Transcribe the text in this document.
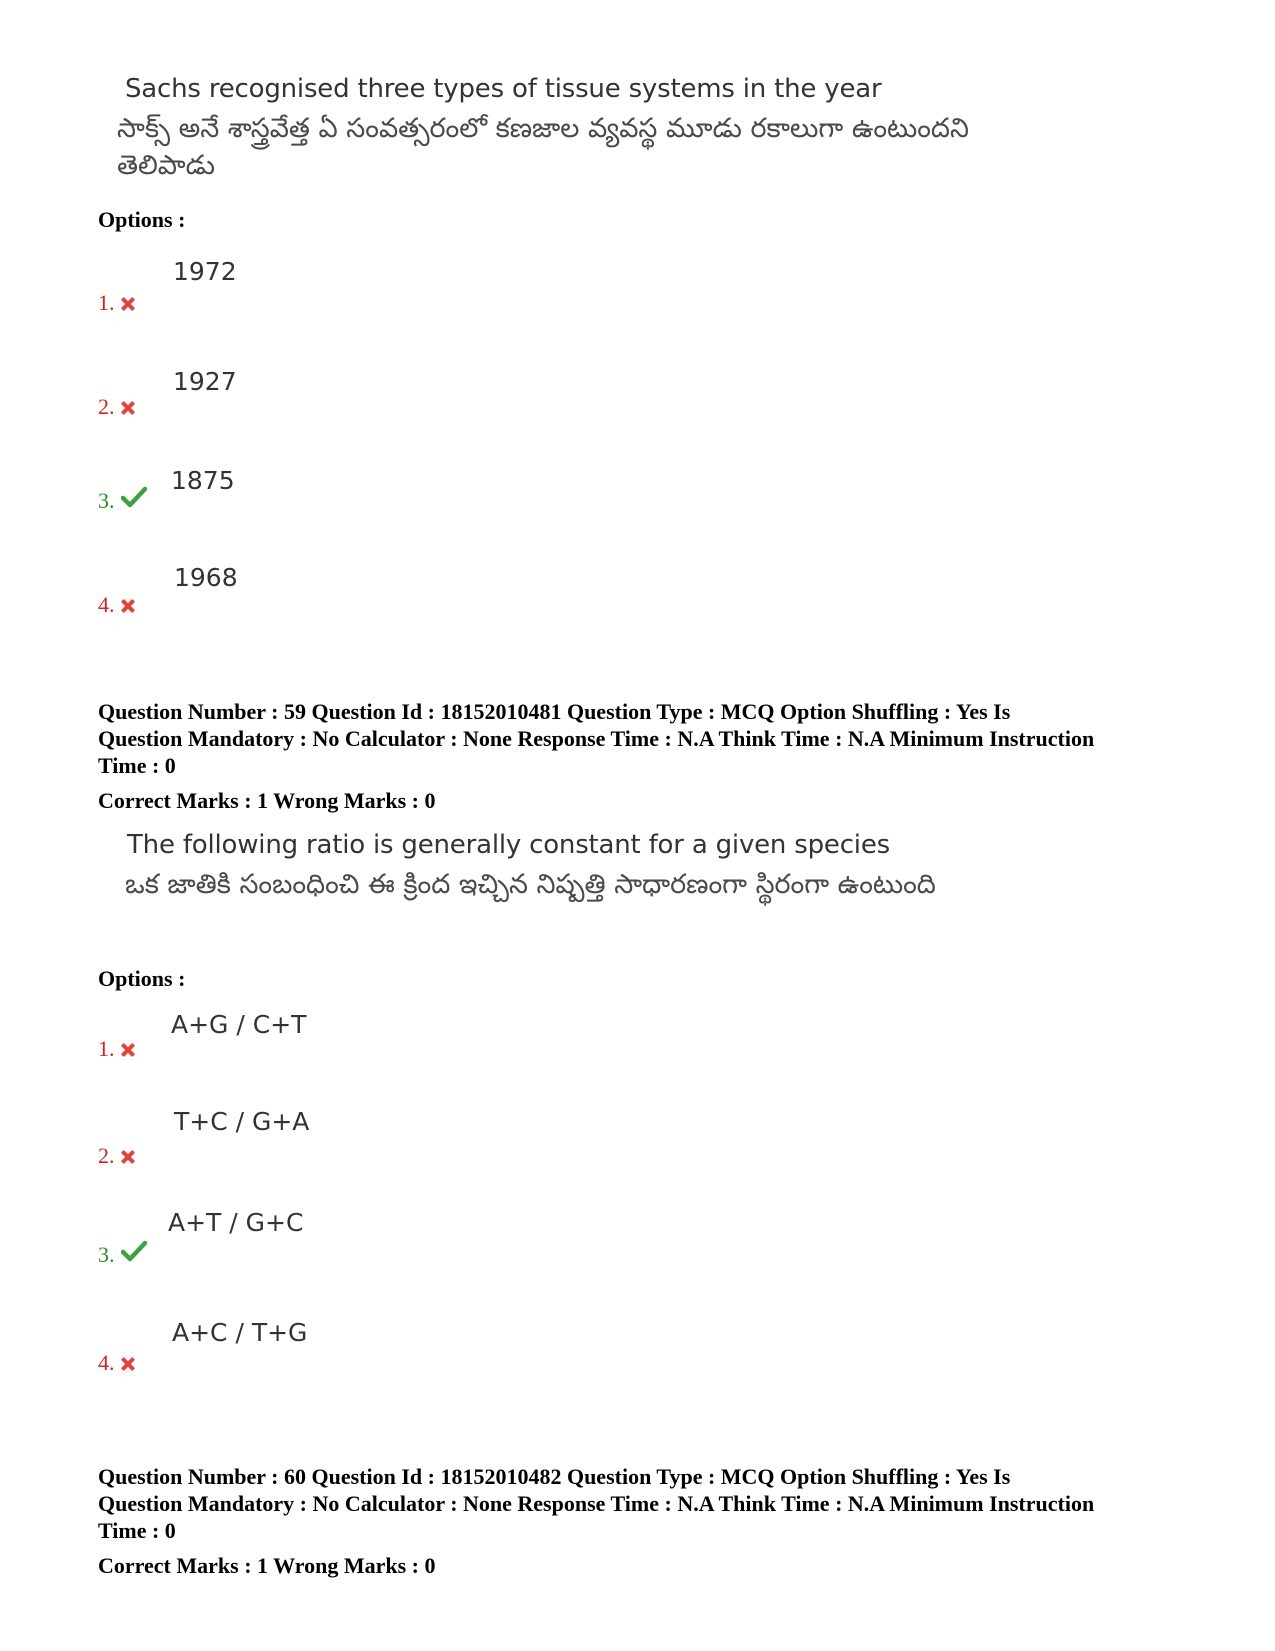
Sachs recognised three types of tissue systems in the year
సాక్స్ అనే శాస్త్రవేత్త ఏ సంవత్సరంలో కణజాల వ్యవస్థ మూడు రకాలుగా ఉంటుందని తెలిపాడు
Options :
1972
1.
1927
2.
1875
3.
1968
4.
Question Number : 59 Question Id : 18152010481 Question Type : MCQ Option Shuffling : Yes Is Question Mandatory : No Calculator : None Response Time : N.A Think Time : N.A Minimum Instruction Time : 0
Correct Marks : 1 Wrong Marks : 0
The following ratio is generally constant for a given species
ఒక జాతికి సంబంధించి ఈ క్రింద ఇచ్చిన నిష్పత్తి సాధారణంగా స్థిరంగా ఉంటుంది
Options :
A+G / C+T
1.
T+C / G+A
2.
A+T / G+C
3.
A+C / T+G
4.
Question Number : 60 Question Id : 18152010482 Question Type : MCQ Option Shuffling : Yes Is Question Mandatory : No Calculator : None Response Time : N.A Think Time : N.A Minimum Instruction Time : 0
Correct Marks : 1 Wrong Marks : 0
